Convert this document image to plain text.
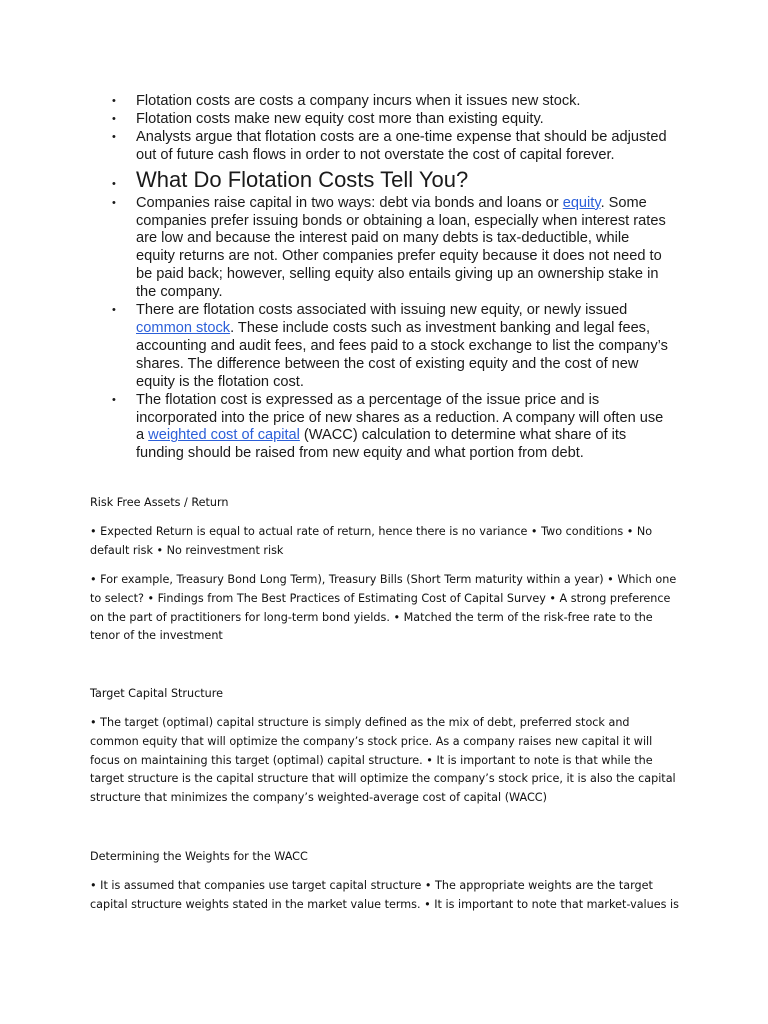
• Flotation costs are costs a company incurs when it issues new stock.
• Flotation costs make new equity cost more than existing equity.
• Analysts argue that flotation costs are a one-time expense that should be adjusted out of future cash flows in order to not overstate the cost of capital forever.
• What Do Flotation Costs Tell You?
• Companies raise capital in two ways: debt via bonds and loans or equity. Some companies prefer issuing bonds or obtaining a loan, especially when interest rates are low and because the interest paid on many debts is tax-deductible, while equity returns are not. Other companies prefer equity because it does not need to be paid back; however, selling equity also entails giving up an ownership stake in the company.
• There are flotation costs associated with issuing new equity, or newly issued common stock. These include costs such as investment banking and legal fees, accounting and audit fees, and fees paid to a stock exchange to list the company’s shares. The difference between the cost of existing equity and the cost of new equity is the flotation cost.
• The flotation cost is expressed as a percentage of the issue price and is incorporated into the price of new shares as a reduction. A company will often use a weighted cost of capital (WACC) calculation to determine what share of its funding should be raised from new equity and what portion from debt.

Risk Free Assets / Return

• Expected Return is equal to actual rate of return, hence there is no variance • Two conditions • No default risk • No reinvestment risk

• For example, Treasury Bond Long Term), Treasury Bills (Short Term maturity within a year) • Which one to select? • Findings from The Best Practices of Estimating Cost of Capital Survey • A strong preference on the part of practitioners for long-term bond yields. • Matched the term of the risk-free rate to the tenor of the investment

Target Capital Structure

• The target (optimal) capital structure is simply defined as the mix of debt, preferred stock and common equity that will optimize the company’s stock price. As a company raises new capital it will focus on maintaining this target (optimal) capital structure. • It is important to note is that while the target structure is the capital structure that will optimize the company’s stock price, it is also the capital structure that minimizes the company’s weighted-average cost of capital (WACC)

Determining the Weights for the WACC

• It is assumed that companies use target capital structure • The appropriate weights are the target capital structure weights stated in the market value terms. • It is important to note that market-values is
